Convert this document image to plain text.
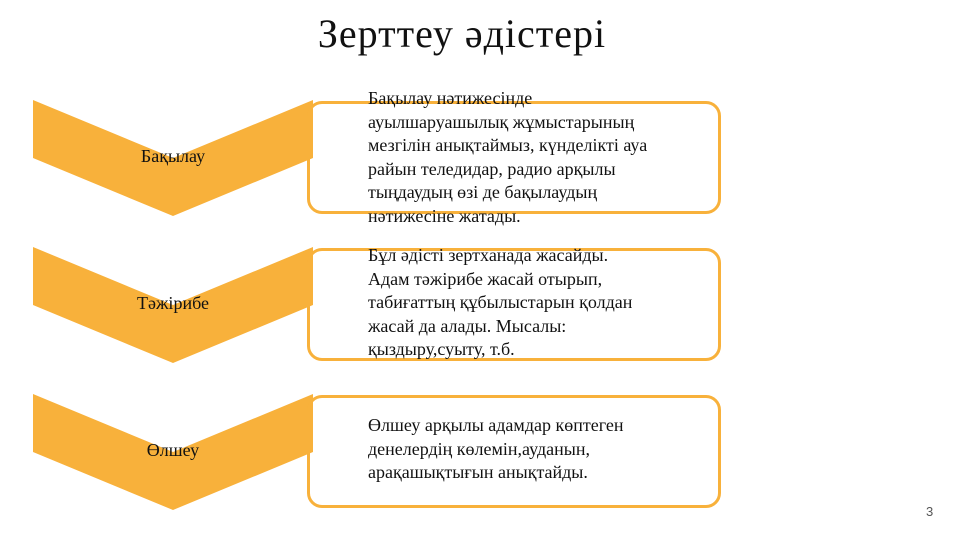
Зерттеу әдістері
Бақылау
Бақылау нәтижесінде
ауылшаруашылық жұмыстарының
мезгілін анықтаймыз, күнделікті ауа
райын теледидар, радио арқылы
тыңдаудың өзі де бақылаудың
нәтижесіне жатады.
Тәжірибе
Бұл әдісті зертханада жасайды.
Адам тәжірибе жасай отырып,
табиғаттың құбылыстарын қолдан
жасай да алады. Мысалы:
қыздыру,суыту, т.б.
Өлшеу
Өлшеу арқылы адамдар көптеген
денелердің көлемін,ауданын,
арақашықтығын анықтайды.
3
